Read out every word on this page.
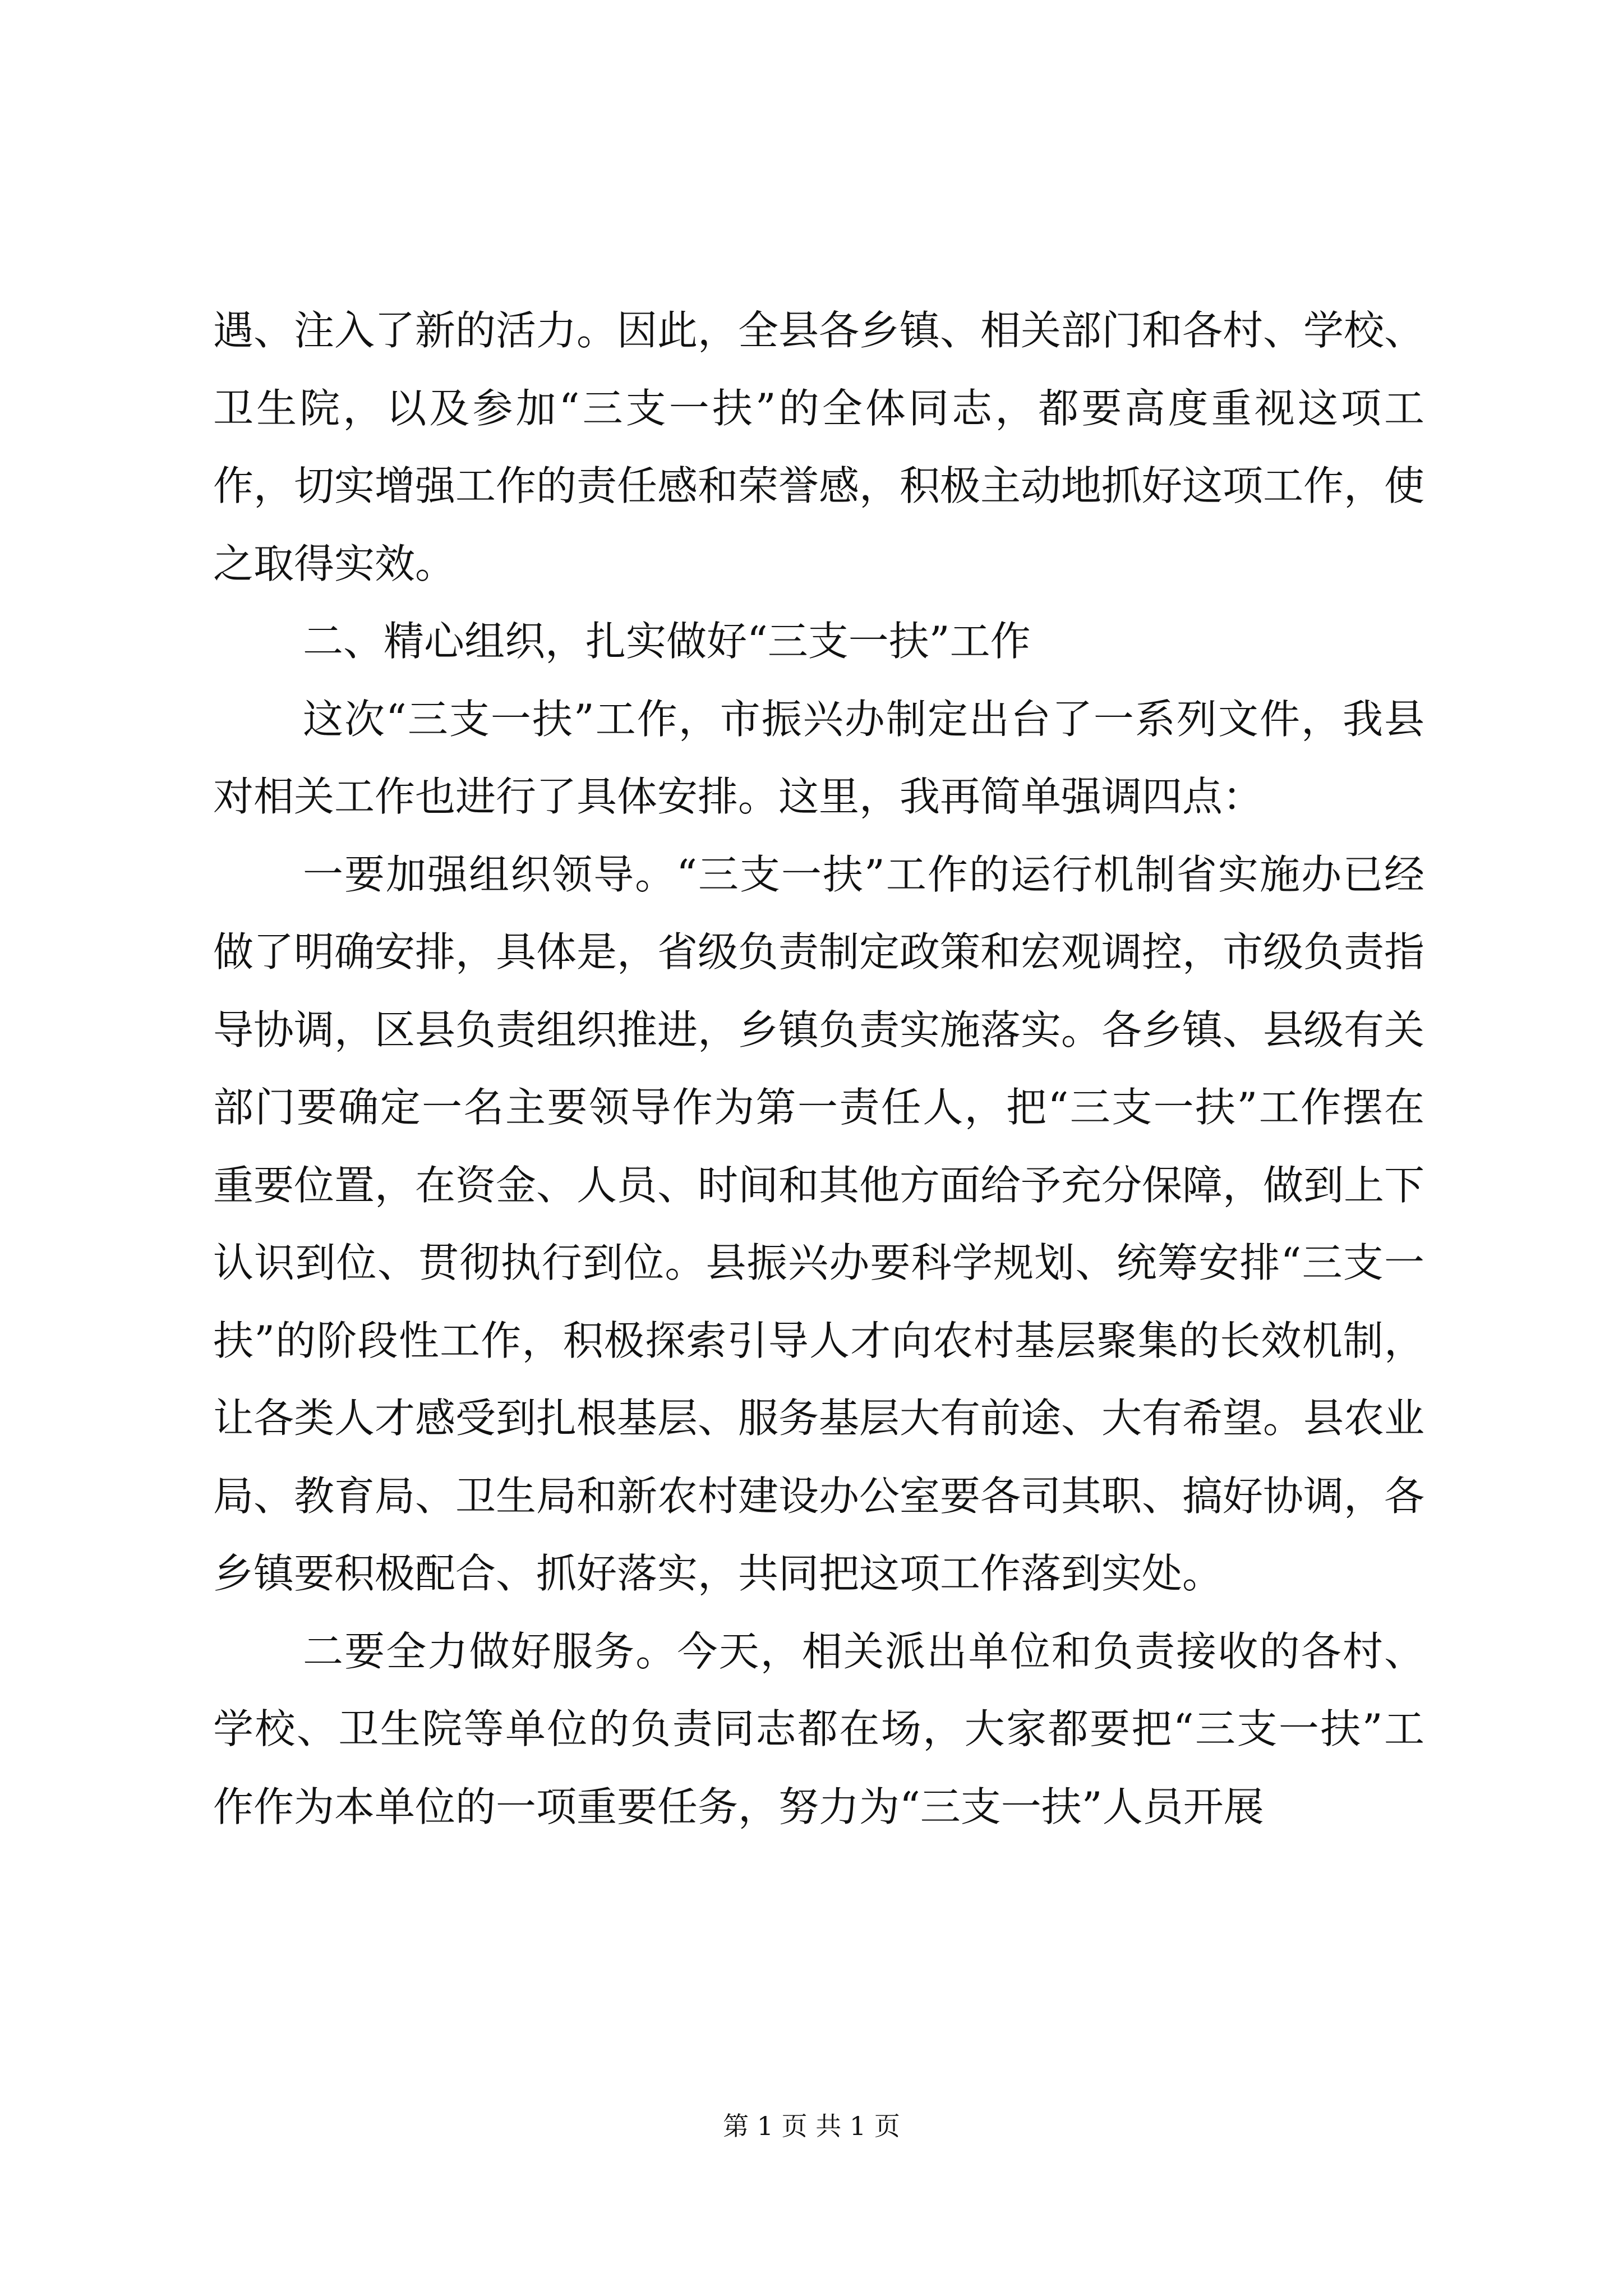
遇、注入了新的活力。因此，全县各乡镇、相关部门和各村、学校、卫生院，以及参加“三支一扶”的全体同志，都要高度重视这项工作，切实增强工作的责任感和荣誉感，积极主动地抓好这项工作，使之取得实效。

二、精心组织，扎实做好“三支一扶”工作

这次“三支一扶”工作，市振兴办制定出台了一系列文件，我县对相关工作也进行了具体安排。这里，我再简单强调四点：

一要加强组织领导。“三支一扶”工作的运行机制省实施办已经做了明确安排，具体是，省级负责制定政策和宏观调控，市级负责指导协调，区县负责组织推进，乡镇负责实施落实。各乡镇、县级有关部门要确定一名主要领导作为第一责任人，把“三支一扶”工作摆在重要位置，在资金、人员、时间和其他方面给予充分保障，做到上下认识到位、贯彻执行到位。县振兴办要科学规划、统筹安排“三支一扶”的阶段性工作，积极探索引导人才向农村基层聚集的长效机制，让各类人才感受到扎根基层、服务基层大有前途、大有希望。县农业局、教育局、卫生局和新农村建设办公室要各司其职、搞好协调，各乡镇要积极配合、抓好落实，共同把这项工作落到实处。

二要全力做好服务。今天，相关派出单位和负责接收的各村、学校、卫生院等单位的负责同志都在场，大家都要把“三支一扶”工作作为本单位的一项重要任务，努力为“三支一扶”人员开展

第 1 页 共 1 页
